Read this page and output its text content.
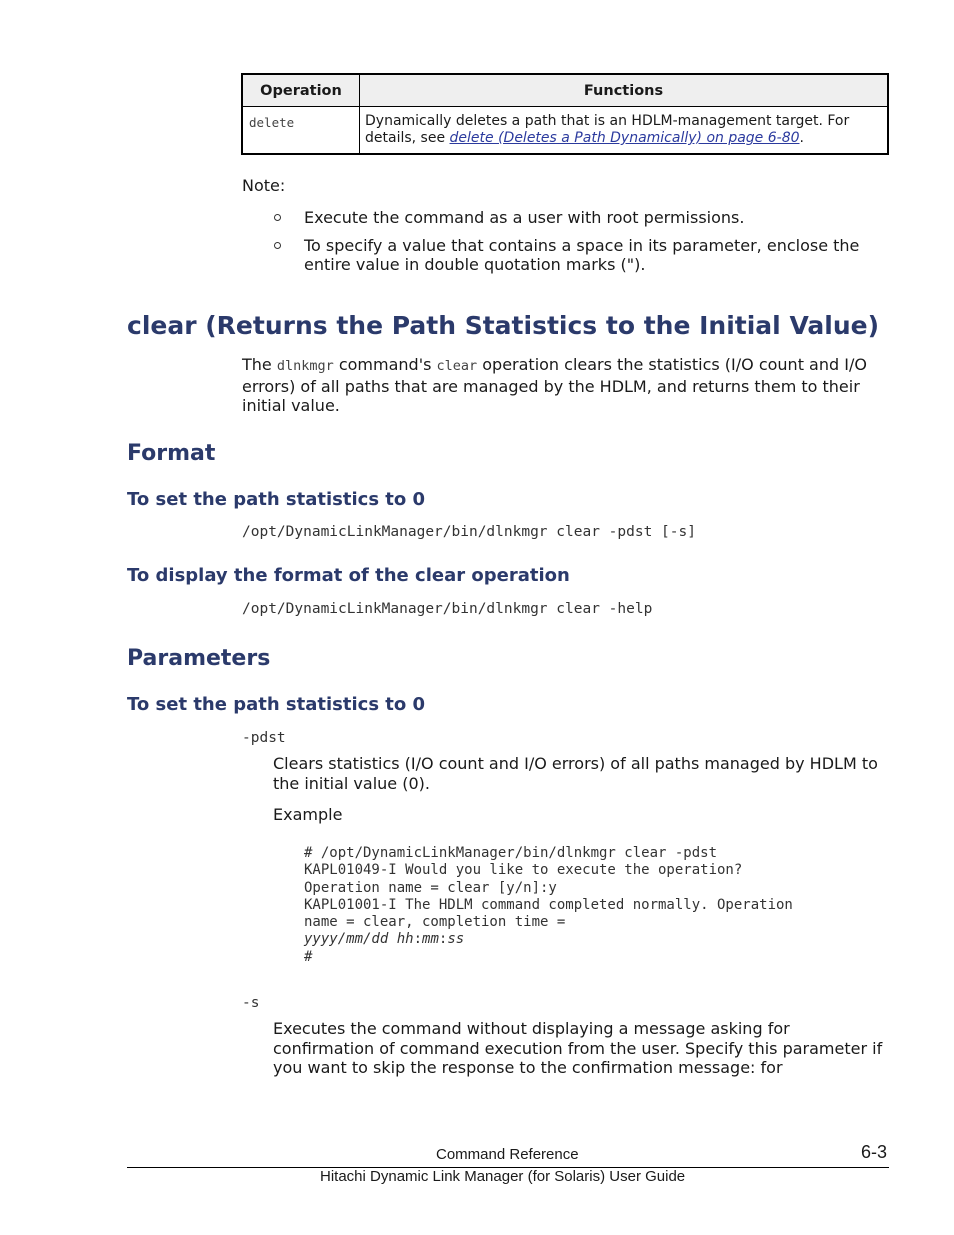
Operation	Functions
delete	Dynamically deletes a path that is an HDLM-management target. For details, see delete (Deletes a Path Dynamically) on page 6-80.
Note:
Execute the command as a user with root permissions.
To specify a value that contains a space in its parameter, enclose the entire value in double quotation marks (").
clear (Returns the Path Statistics to the Initial Value)
The dlnkmgr command's clear operation clears the statistics (I/O count and I/O errors) of all paths that are managed by the HDLM, and returns them to their initial value.
Format
To set the path statistics to 0
/opt/DynamicLinkManager/bin/dlnkmgr clear -pdst [-s]
To display the format of the clear operation
/opt/DynamicLinkManager/bin/dlnkmgr clear -help
Parameters
To set the path statistics to 0
-pdst
Clears statistics (I/O count and I/O errors) of all paths managed by HDLM to the initial value (0).
Example
# /opt/DynamicLinkManager/bin/dlnkmgr clear -pdst
KAPL01049-I Would you like to execute the operation?
Operation name = clear [y/n]:y
KAPL01001-I The HDLM command completed normally. Operation
name = clear, completion time =
yyyy/mm/dd hh:mm:ss
#
-s
Executes the command without displaying a message asking for confirmation of command execution from the user. Specify this parameter if you want to skip the response to the confirmation message: for
Command Reference	6-3
Hitachi Dynamic Link Manager (for Solaris) User Guide
